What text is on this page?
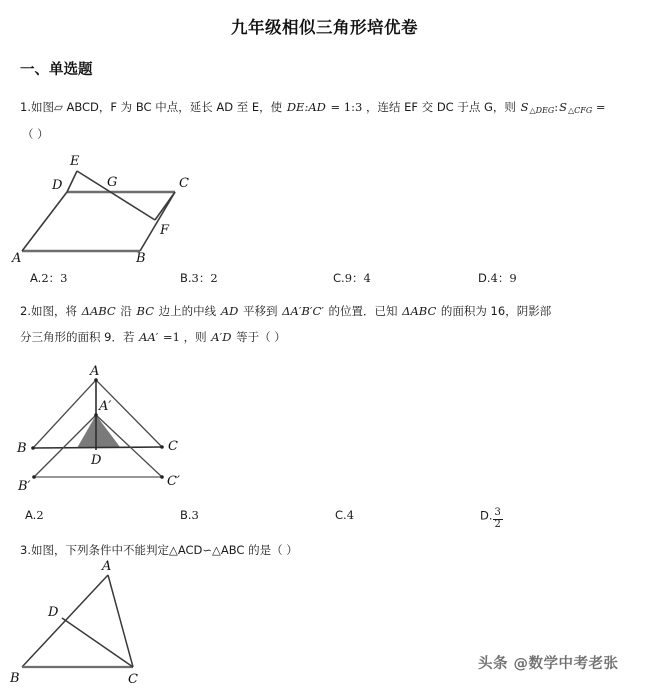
九年级相似三角形培优卷
一、单选题
1.如图▱ ABCD，F 为 BC 中点，延长 AD 至 E，使 DE:AD = 1:3 ，连结 EF 交 DC 于点 G，则 $S_{\triangle DEG}:S_{\triangle CFG}$ =
（ ）
A	B
C
D
E
F
G
A.2：3	B.3：2	C.9：4	D.4：9
2.如图，将 ΔABC 沿 BC 边上的中线 AD 平移到 ΔA′B′C′ 的位置．已知 ΔABC 的面积为 16，阴影部
分三角形的面积 9．若 AA′ =1 ，则 A′D 等于（ ）
A
A′
B	C
B′	C′
D
A.2	B.3	C.4	D. $\frac{3}{2}$
3.如图，下列条件中不能判定△ACD∽△ABC 的是（ ）
A
B	C
D
头条 @数学中考老张
